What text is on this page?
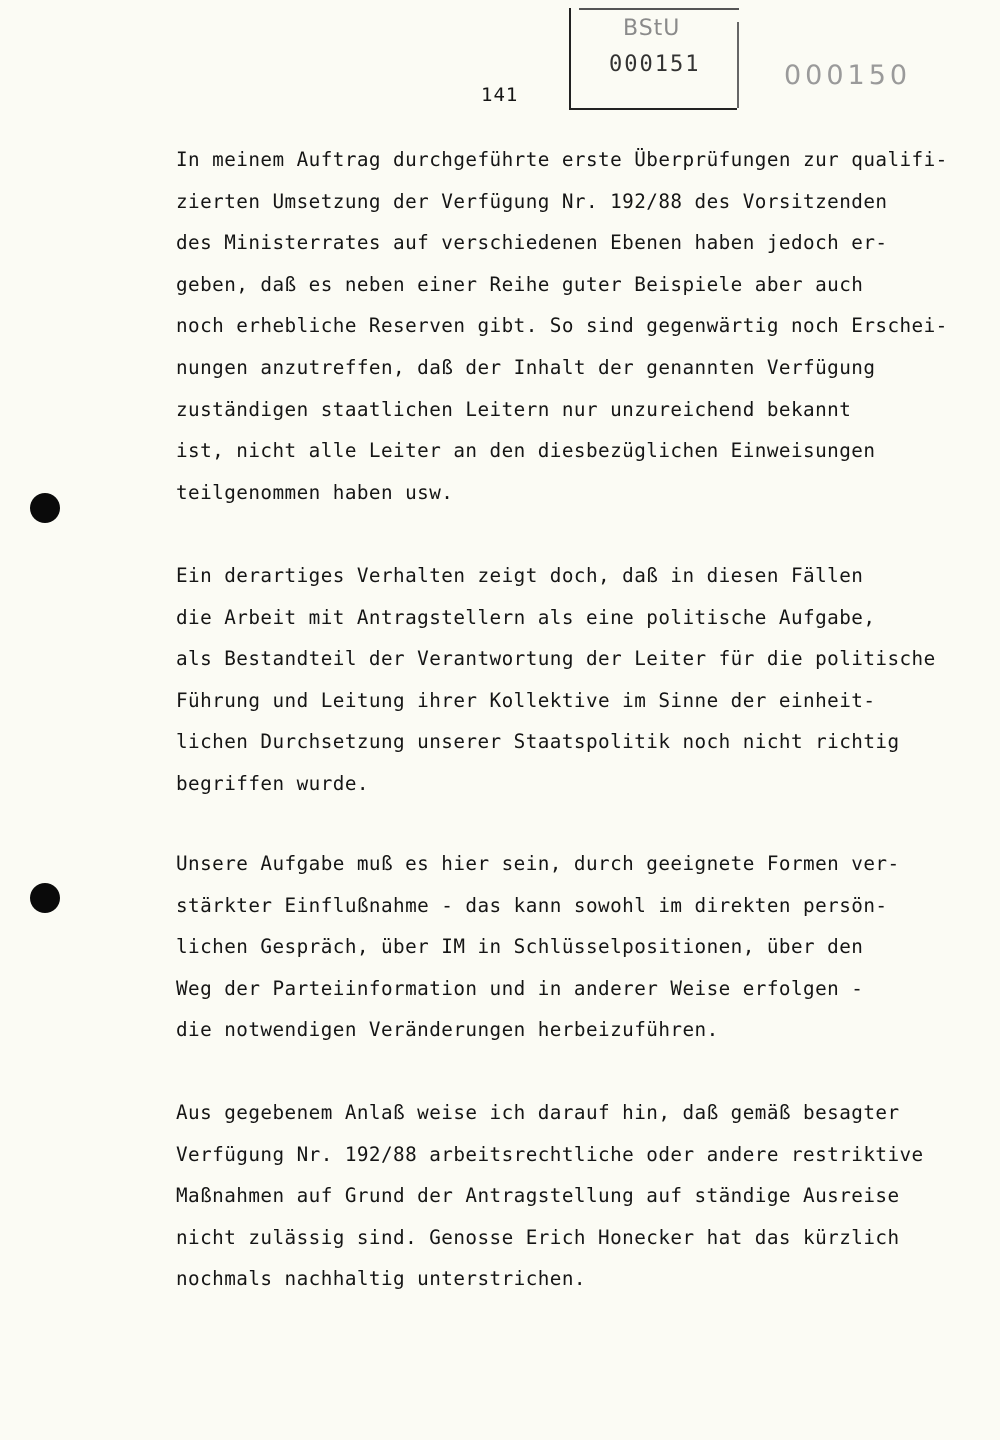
141
BStU
000151	000150
In meinem Auftrag durchgeführte erste Überprüfungen zur qualifi-
zierten Umsetzung der Verfügung Nr. 192/88 des Vorsitzenden
des Ministerrates auf verschiedenen Ebenen haben jedoch er-
geben, daß es neben einer Reihe guter Beispiele aber auch
noch erhebliche Reserven gibt. So sind gegenwärtig noch Erschei-
nungen anzutreffen, daß der Inhalt der genannten Verfügung
zuständigen staatlichen Leitern nur unzureichend bekannt
ist, nicht alle Leiter an den diesbezüglichen Einweisungen
teilgenommen haben usw.
Ein derartiges Verhalten zeigt doch, daß in diesen Fällen
die Arbeit mit Antragstellern als eine politische Aufgabe,
als Bestandteil der Verantwortung der Leiter für die politische
Führung und Leitung ihrer Kollektive im Sinne der einheit-
lichen Durchsetzung unserer Staatspolitik noch nicht richtig
begriffen wurde.
Unsere Aufgabe muß es hier sein, durch geeignete Formen ver-
stärkter Einflußnahme - das kann sowohl im direkten persön-
lichen Gespräch, über IM in Schlüsselpositionen, über den
Weg der Parteiinformation und in anderer Weise erfolgen -
die notwendigen Veränderungen herbeizuführen.
Aus gegebenem Anlaß weise ich darauf hin, daß gemäß besagter
Verfügung Nr. 192/88 arbeitsrechtliche oder andere restriktive
Maßnahmen auf Grund der Antragstellung auf ständige Ausreise
nicht zulässig sind. Genosse Erich Honecker hat das kürzlich
nochmals nachhaltig unterstrichen.
